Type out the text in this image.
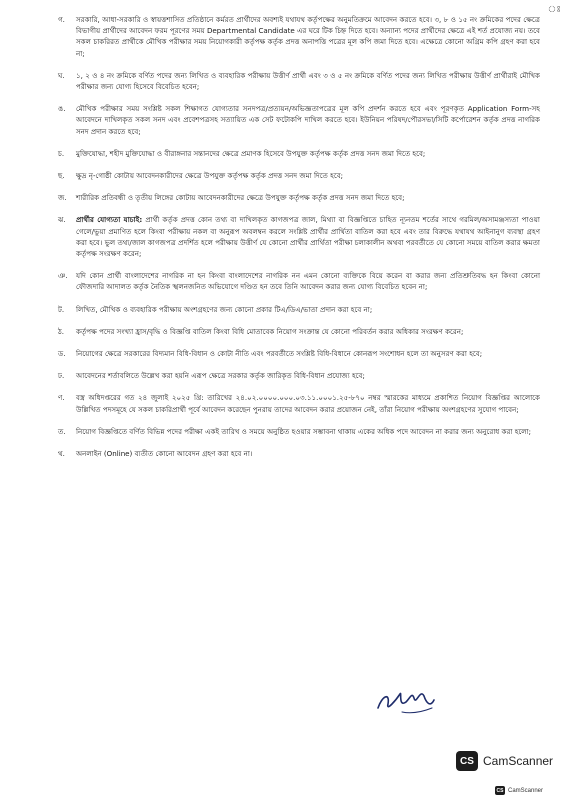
ঃ
গ.	সরকারি, আধা-সরকারি ও স্বায়ত্তশাসিত প্রতিষ্ঠানে কর্মরত প্রার্থীদের অবশ্যই যথাযথ কর্তৃপক্ষের অনুমতিক্রমে আবেদন করতে হবে। ৩, ৮ ও ১৫ নং ক্রমিকের পদের ক্ষেত্রে বিভাগীয় প্রার্থীদের আবেদন ফরম পূরণের সময় Departmental Candidate এর ঘরে টিক চিহ্ন দিতে হবে। অন্যান্য পদের প্রার্থীদের ক্ষেত্রে এই শর্ত প্রযোজ্য নয়। তবে সকল চাকরিরত প্রার্থীকে মৌখিক পরীক্ষার সময় নিয়োগকারী কর্তৃপক্ষ কর্তৃক প্রদত্ত অনাপত্তি পত্রের মূল কপি জমা দিতে হবে। এক্ষেত্রে কোনো অগ্রিম কপি গ্রহণ করা হবে না;
ঘ.	১, ২ ও ৪ নং ক্রমিকে বর্ণিত পদের জন্য লিখিত ও ব্যবহারিক পরীক্ষায় উত্তীর্ণ প্রার্থী এবং ৩ ও ৫ নং ক্রমিকে বর্ণিত পদের জন্য লিখিত পরীক্ষায় উত্তীর্ণ প্রার্থীরাই মৌখিক পরীক্ষার জন্য যোগ্য হিসেবে বিবেচিত হবেন;
ঙ.	মৌখিক পরীক্ষার সময় সংশ্লিষ্ট সকল শিক্ষাগত যোগ্যতার সনদপত্র/প্রত্যয়ন/অভিজ্ঞতাপত্রের মূল কপি প্রদর্শন করতে হবে এবং পূরণকৃত Application Form-সহ আবেদনে দাখিলকৃত সকল সনদ এবং প্রবেশপত্রসহ সত্যায়িত এক সেট ফটোকপি দাখিল করতে হবে। ইউনিয়ন পরিষদ/পৌরসভা/সিটি কর্পোরেশন কর্তৃক প্রদত্ত নাগরিক সনদ প্রদান করতে হবে;
চ.	মুক্তিযোদ্ধা, শহীদ মুক্তিযোদ্ধা ও বীরাঙ্গনার সন্তানদের ক্ষেত্রে প্রমাণক হিসেবে উপযুক্ত কর্তৃপক্ষ কর্তৃক প্রদত্ত সনদ জমা দিতে হবে;
ছ.	ক্ষুদ্র নৃ-গোষ্ঠী কোটায় আবেদনকারীদের ক্ষেত্রে উপযুক্ত কর্তৃপক্ষ কর্তৃক প্রদত্ত সনদ জমা দিতে হবে;
জ.	শারীরিক প্রতিবন্ধী ও তৃতীয় লিঙ্গের কোটায় আবেদনকারীদের ক্ষেত্রে উপযুক্ত কর্তৃপক্ষ কর্তৃক প্রদত্ত সনদ জমা দিতে হবে;
ঝ.	প্রার্থীর যোগ্যতা যাচাই: প্রার্থী কর্তৃক প্রদত্ত কোন তথ্য বা দাখিলকৃত কাগজপত্র জাল, মিথ্যা বা বিজ্ঞপ্তিতে চাহিত ন্যূনতম শর্তের সাথে গরমিল/অসামঞ্জস্যতা পাওয়া গেলে/ভুয়া প্রমাণিত হলে কিংবা পরীক্ষায় নকল বা অনুরূপ অবলম্বন করলে সংশ্লিষ্ট প্রার্থীর প্রার্থিতা বাতিল করা হবে এবং তার বিরুদ্ধে যথাযথ আইনানুগ ব্যবস্থা গ্রহণ করা হবে। ভুল তথ্য/জাল কাগজপত্র প্রদর্শিত হলে পরীক্ষায় উত্তীর্ণ যে কোনো প্রার্থীর প্রার্থিতা পরীক্ষা চলাকালীন অথবা পরবর্তীতে যে কোনো সময়ে বাতিল করার ক্ষমতা কর্তৃপক্ষ সংরক্ষণ করেন;
ঞ.	যদি কোন প্রার্থী বাংলাদেশের নাগরিক না হন কিংবা বাংলাদেশের নাগরিক নন এমন কোনো ব্যক্তিকে বিয়ে করেন বা করার জন্য প্রতিশ্রুতিবদ্ধ হন কিংবা কোনো ফৌজদারি আদালত কর্তৃক নৈতিক স্খলনজনিত অভিযোগে দণ্ডিত হন তবে তিনি আবেদন করার জন্য যোগ্য বিবেচিত হবেন না;
ট.	লিখিত, মৌখিক ও ব্যবহারিক পরীক্ষায় অংশগ্রহণের জন্য কোনো প্রকার টিএ/ডিএ/ভাতা প্রদান করা হবে না;
ঠ.	কর্তৃপক্ষ পদের সংখ্যা হ্রাস/বৃদ্ধি ও বিজ্ঞপ্তি বাতিল কিংবা বিধি মোতাবেক নিয়োগ সংক্রান্ত যে কোনো পরিবর্তন করার অধিকার সংরক্ষণ করেন;
ড.	নিয়োগের ক্ষেত্রে সরকারের বিদ্যমান বিধি-বিধান ও কোটা নীতি এবং পরবর্তীতে সংশ্লিষ্ট বিধি-বিধানে কোনরূপ সংশোধন হলে তা অনুসরণ করা হবে;
ঢ.	আবেদনের শর্তাবলিতে উল্লেখ করা হয়নি এরূপ ক্ষেত্রে সরকার কর্তৃক জারিকৃত বিধি-বিধান প্রযোজ্য হবে;
ণ.	বস্ত্র অধিদপ্তরের গত ২৪ জুলাই ২০২৫ খ্রি: তারিখের ২৪.০২.০০০০.০০০.০৩.১১.০০০১.২৫-৮৭০ নম্বর স্মারকের মাধ্যমে প্রকাশিত নিয়োগ বিজ্ঞপ্তির আলোকে উল্লিখিত পদসমূহে যে সকল চাকরিপ্রার্থী পূর্বে আবেদন করেছেন পুনরায় তাদের আবেদন করার প্রয়োজন নেই, তাঁরা নিয়োগ পরীক্ষায় অংশগ্রহণের সুযোগ পাবেন;
ত.	নিয়োগ বিজ্ঞপ্তিতে বর্ণিত বিভিন্ন পদের পরীক্ষা একই তারিখ ও সময়ে অনুষ্ঠিত হওয়ার সম্ভাবনা থাকায় একের অধিক পদে আবেদন না করার জন্য অনুরোধ করা হলো;
থ.	অনলাইন (Online) ব্যতীত কোনো আবেদন গ্রহণ করা হবে না।
CS CamScanner
CS CamScanner
